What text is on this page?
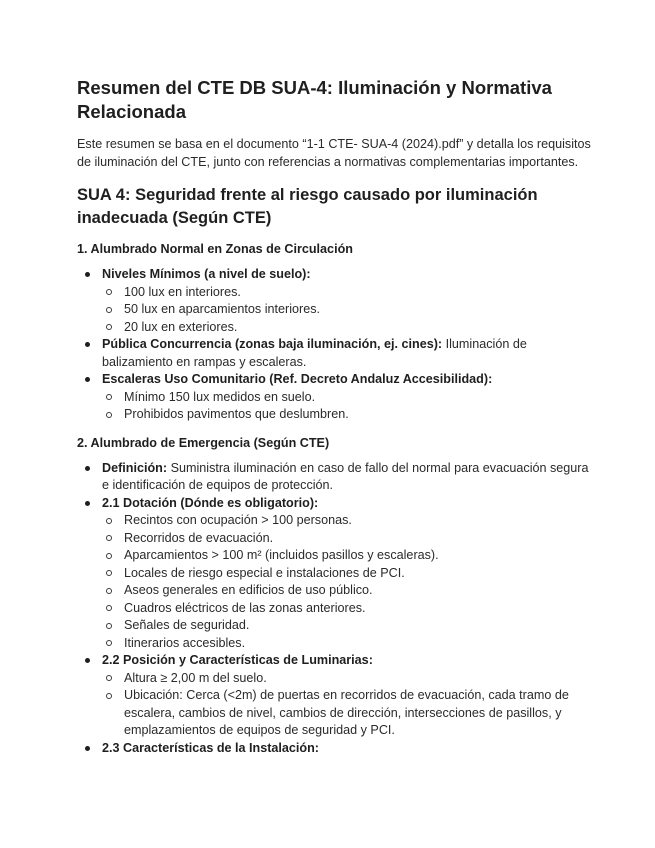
Resumen del CTE DB SUA-4: Iluminación y Normativa Relacionada

Este resumen se basa en el documento “1-1 CTE- SUA-4 (2024).pdf” y detalla los requisitos de iluminación del CTE, junto con referencias a normativas complementarias importantes.

SUA 4: Seguridad frente al riesgo causado por iluminación inadecuada (Según CTE)
1. Alumbrado Normal en Zonas de Circulación
Niveles Mínimos (a nivel de suelo):
100 lux en interiores.
50 lux en aparcamientos interiores.
20 lux en exteriores.
Pública Concurrencia (zonas baja iluminación, ej. cines): Iluminación de balizamiento en rampas y escaleras.
Escaleras Uso Comunitario (Ref. Decreto Andaluz Accesibilidad):
Mínimo 150 lux medidos en suelo.
Prohibidos pavimentos que deslumbren.
2. Alumbrado de Emergencia (Según CTE)
Definición: Suministra iluminación en caso de fallo del normal para evacuación segura e identificación de equipos de protección.
2.1 Dotación (Dónde es obligatorio):
Recintos con ocupación > 100 personas.
Recorridos de evacuación.
Aparcamientos > 100 m² (incluidos pasillos y escaleras).
Locales de riesgo especial e instalaciones de PCI.
Aseos generales en edificios de uso público.
Cuadros eléctricos de las zonas anteriores.
Señales de seguridad.
Itinerarios accesibles.
2.2 Posición y Características de Luminarias:
Altura ≥ 2,00 m del suelo.
Ubicación: Cerca (<2m) de puertas en recorridos de evacuación, cada tramo de escalera, cambios de nivel, cambios de dirección, intersecciones de pasillos, y emplazamientos de equipos de seguridad y PCI.
2.3 Características de la Instalación:
